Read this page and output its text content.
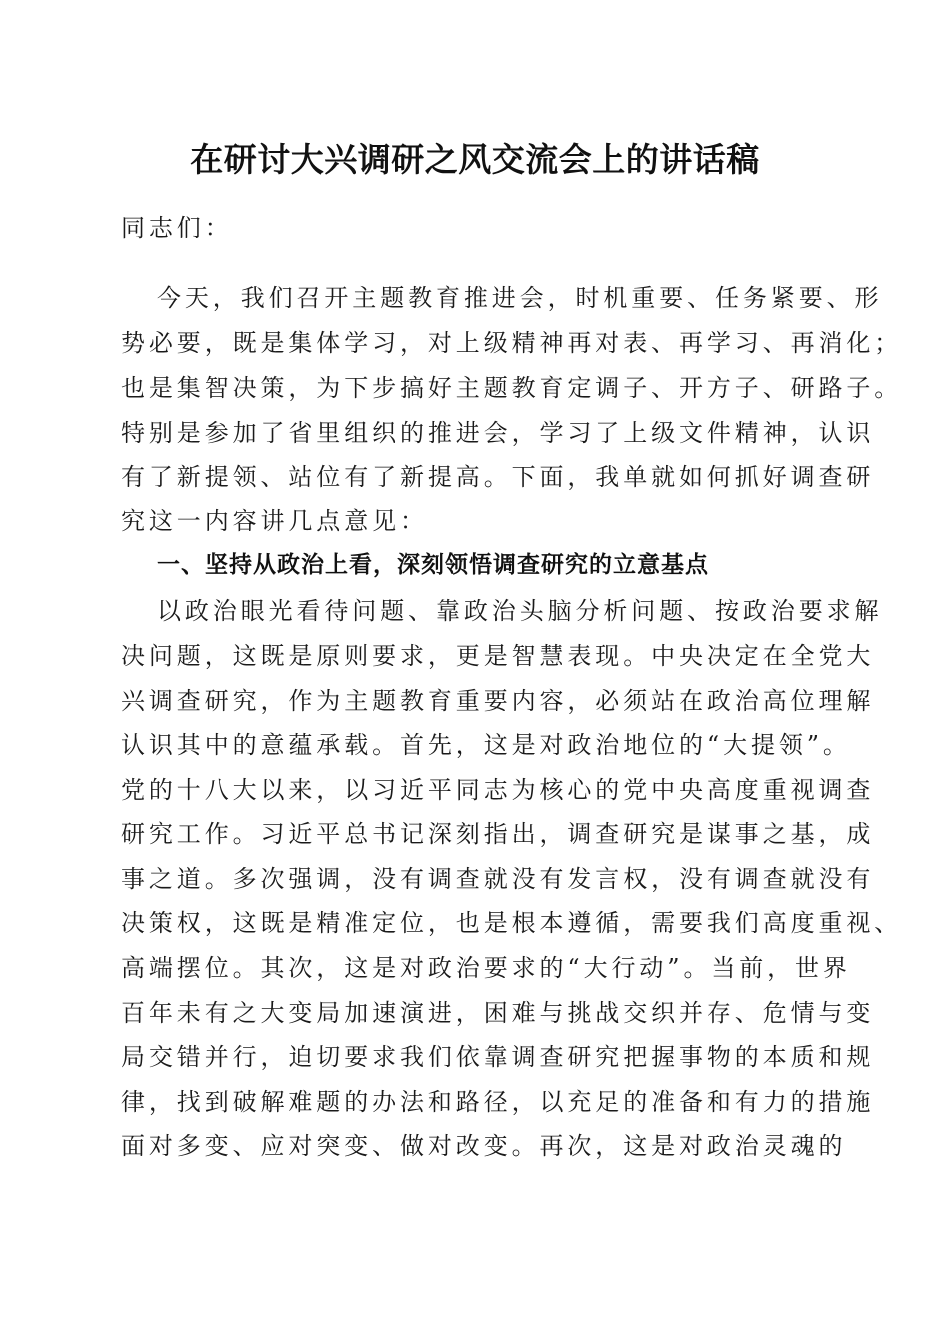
在研讨大兴调研之风交流会上的讲话稿
同志们：
今天，我们召开主题教育推进会，时机重要、任务紧要、形
势必要，既是集体学习，对上级精神再对表、再学习、再消化；
也是集智决策，为下步搞好主题教育定调子、开方子、研路子。
特别是参加了省里组织的推进会，学习了上级文件精神，认识
有了新提领、站位有了新提高。下面，我单就如何抓好调查研
究这一内容讲几点意见：
一、坚持从政治上看，深刻领悟调查研究的立意基点
以政治眼光看待问题、靠政治头脑分析问题、按政治要求解
决问题，这既是原则要求，更是智慧表现。中央决定在全党大
兴调查研究，作为主题教育重要内容，必须站在政治高位理解
认识其中的意蕴承载。首先，这是对政治地位的“大提领”。
党的十八大以来，以习近平同志为核心的党中央高度重视调查
研究工作。习近平总书记深刻指出，调查研究是谋事之基，成
事之道。多次强调，没有调查就没有发言权，没有调查就没有
决策权，这既是精准定位，也是根本遵循，需要我们高度重视、
高端摆位。其次，这是对政治要求的“大行动”。当前，世界
百年未有之大变局加速演进，困难与挑战交织并存、危情与变
局交错并行，迫切要求我们依靠调查研究把握事物的本质和规
律，找到破解难题的办法和路径，以充足的准备和有力的措施
面对多变、应对突变、做对改变。再次，这是对政治灵魂的
